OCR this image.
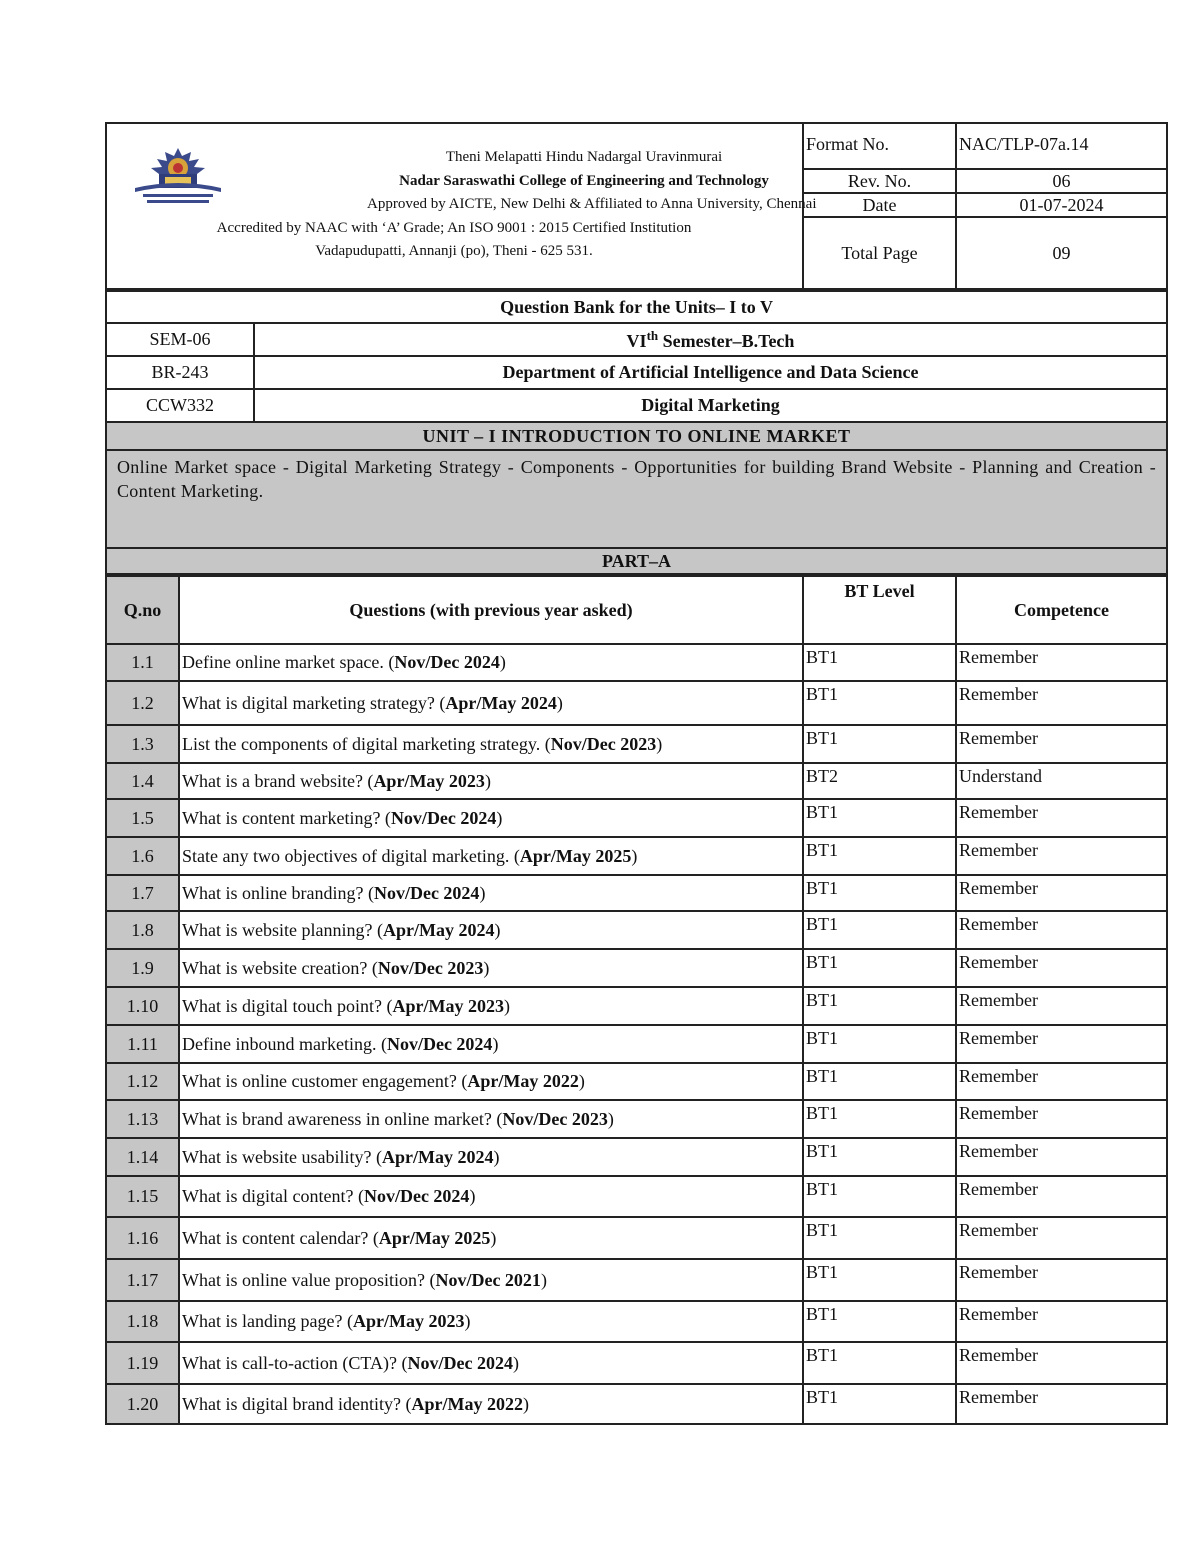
Theni Melapatti Hindu Nadargal Uravinmurai
Nadar Saraswathi College of Engineering and Technology
Approved by AICTE, New Delhi & Affiliated to Anna University, Chennai
Accredited by NAAC with ‘A’ Grade; An ISO 9001 : 2015 Certified Institution
Vadapudupatti, Annanji (po), Theni - 625 531.	Format No.	NAC/TLP-07a.14
	Rev. No.	06
	Date	01-07-2024
	Total Page	09
Question Bank for the Units– I to V	
SEM-06	VIth Semester–B.Tech
BR-243	Department of Artificial Intelligence and Data Science
CCW332	Digital Marketing
UNIT – I INTRODUCTION TO ONLINE MARKET	
Online Market space - Digital Marketing Strategy - Components - Opportunities for building Brand Website - Planning and Creation - Content Marketing.	
PART–A	
Q.no	Questions (with previous year asked)	BT Level	Competence
1.1	Define online market space. (Nov/Dec 2024)	BT1	Remember
1.2	What is digital marketing strategy? (Apr/May 2024)	BT1	Remember
1.3	List the components of digital marketing strategy. (Nov/Dec 2023)	BT1	Remember
1.4	What is a brand website? (Apr/May 2023)	BT2	Understand
1.5	What is content marketing? (Nov/Dec 2024)	BT1	Remember
1.6	State any two objectives of digital marketing. (Apr/May 2025)	BT1	Remember
1.7	What is online branding? (Nov/Dec 2024)	BT1	Remember
1.8	What is website planning? (Apr/May 2024)	BT1	Remember
1.9	What is website creation? (Nov/Dec 2023)	BT1	Remember
1.10	What is digital touch point? (Apr/May 2023)	BT1	Remember
1.11	Define inbound marketing. (Nov/Dec 2024)	BT1	Remember
1.12	What is online customer engagement? (Apr/May 2022)	BT1	Remember
1.13	What is brand awareness in online market? (Nov/Dec 2023)	BT1	Remember
1.14	What is website usability? (Apr/May 2024)	BT1	Remember
1.15	What is digital content? (Nov/Dec 2024)	BT1	Remember
1.16	What is content calendar? (Apr/May 2025)	BT1	Remember
1.17	What is online value proposition? (Nov/Dec 2021)	BT1	Remember
1.18	What is landing page? (Apr/May 2023)	BT1	Remember
1.19	What is call-to-action (CTA)? (Nov/Dec 2024)	BT1	Remember
1.20	What is digital brand identity? (Apr/May 2022)	BT1	Remember
